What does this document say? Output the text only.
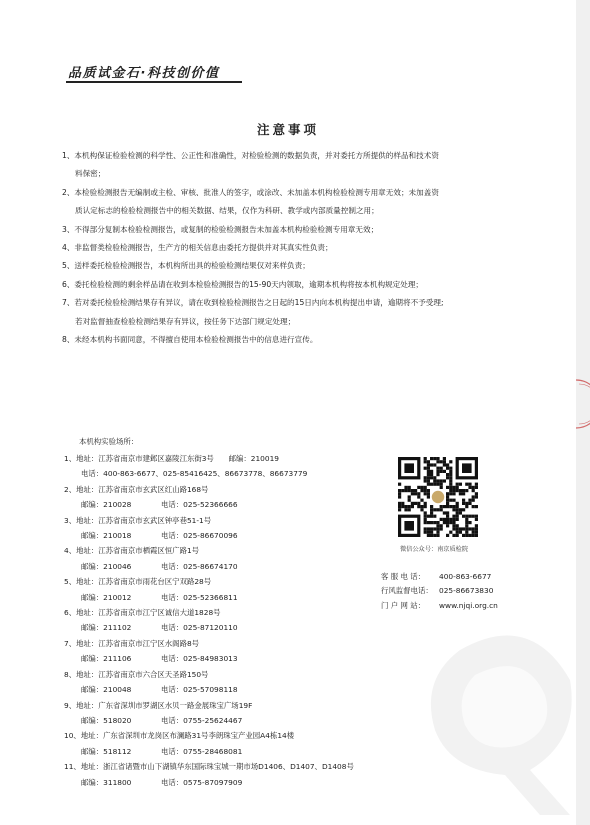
品质试金石·科技创价值
注意事项

1、本机构保证检验检测的科学性、公正性和准确性，对检验检测的数据负责，并对委托方所提供的样品和技术资
料保密；

2、本检验检测报告无编制或主检、审核、批准人的签字，或涂改、未加盖本机构检验检测专用章无效；未加盖资
质认定标志的检验检测报告中的相关数据、结果，仅作为科研、教学或内部质量控制之用；

3、不得部分复制本检验检测报告，或复制的检验检测报告未加盖本机构检验检测专用章无效；

4、非监督类检验检测报告，生产方的相关信息由委托方提供并对其真实性负责；

5、送样委托检验检测报告，本机构所出具的检验检测结果仅对来样负责；

6、委托检验检测的剩余样品请在收到本检验检测报告的15-90天内领取，逾期本机构将按本机构规定处理；

7、若对委托检验检测结果存有异议，请在收到检验检测报告之日起的15日内向本机构提出申请，逾期将不予受理;
若对监督抽查检验检测结果存有异议，按任务下达部门规定处理；

8、未经本机构书面同意，不得擅自使用本检验检测报告中的信息进行宣传。

本机构实验场所：
1、地址：江苏省南京市建邺区嘉陵江东街3号　　邮编：210019
电话：400-863-6677、025-85416425、86673778、86673779
2、地址：江苏省南京市玄武区红山路168号
邮编：210028	电话：025-52366666
3、地址：江苏省南京市玄武区钟亭巷51-1号
邮编：210018	电话：025-86670096
4、地址：江苏省南京市栖霞区恒广路1号
邮编：210046	电话：025-86674170
5、地址：江苏省南京市雨花台区宁双路28号
邮编：210012	电话：025-52366811
6、地址：江苏省南京市江宁区诚信大道1828号
邮编：211102	电话：025-87120110
7、地址：江苏省南京市江宁区水阁路8号
邮编：211106	电话：025-84983013
8、地址：江苏省南京市六合区天圣路150号
邮编：210048	电话：025-57098118
9、地址：广东省深圳市罗湖区水贝一路金展珠宝广场19F
邮编：518020	电话：0755-25624467
10、地址：广东省深圳市龙岗区布澜路31号李朗珠宝产业园A4栋14楼
邮编：518112	电话：0755-28468081
11、地址：浙江省诸暨市山下湖镇华东国际珠宝城一期市场D1406、D1407、D1408号
邮编：311800	电话：0575-87097909
微信公众号：南京质检院
客 服 电 话： 400-863-6677
行风监督电话： 025-86673830
门 户 网 站： www.njqi.org.cn
